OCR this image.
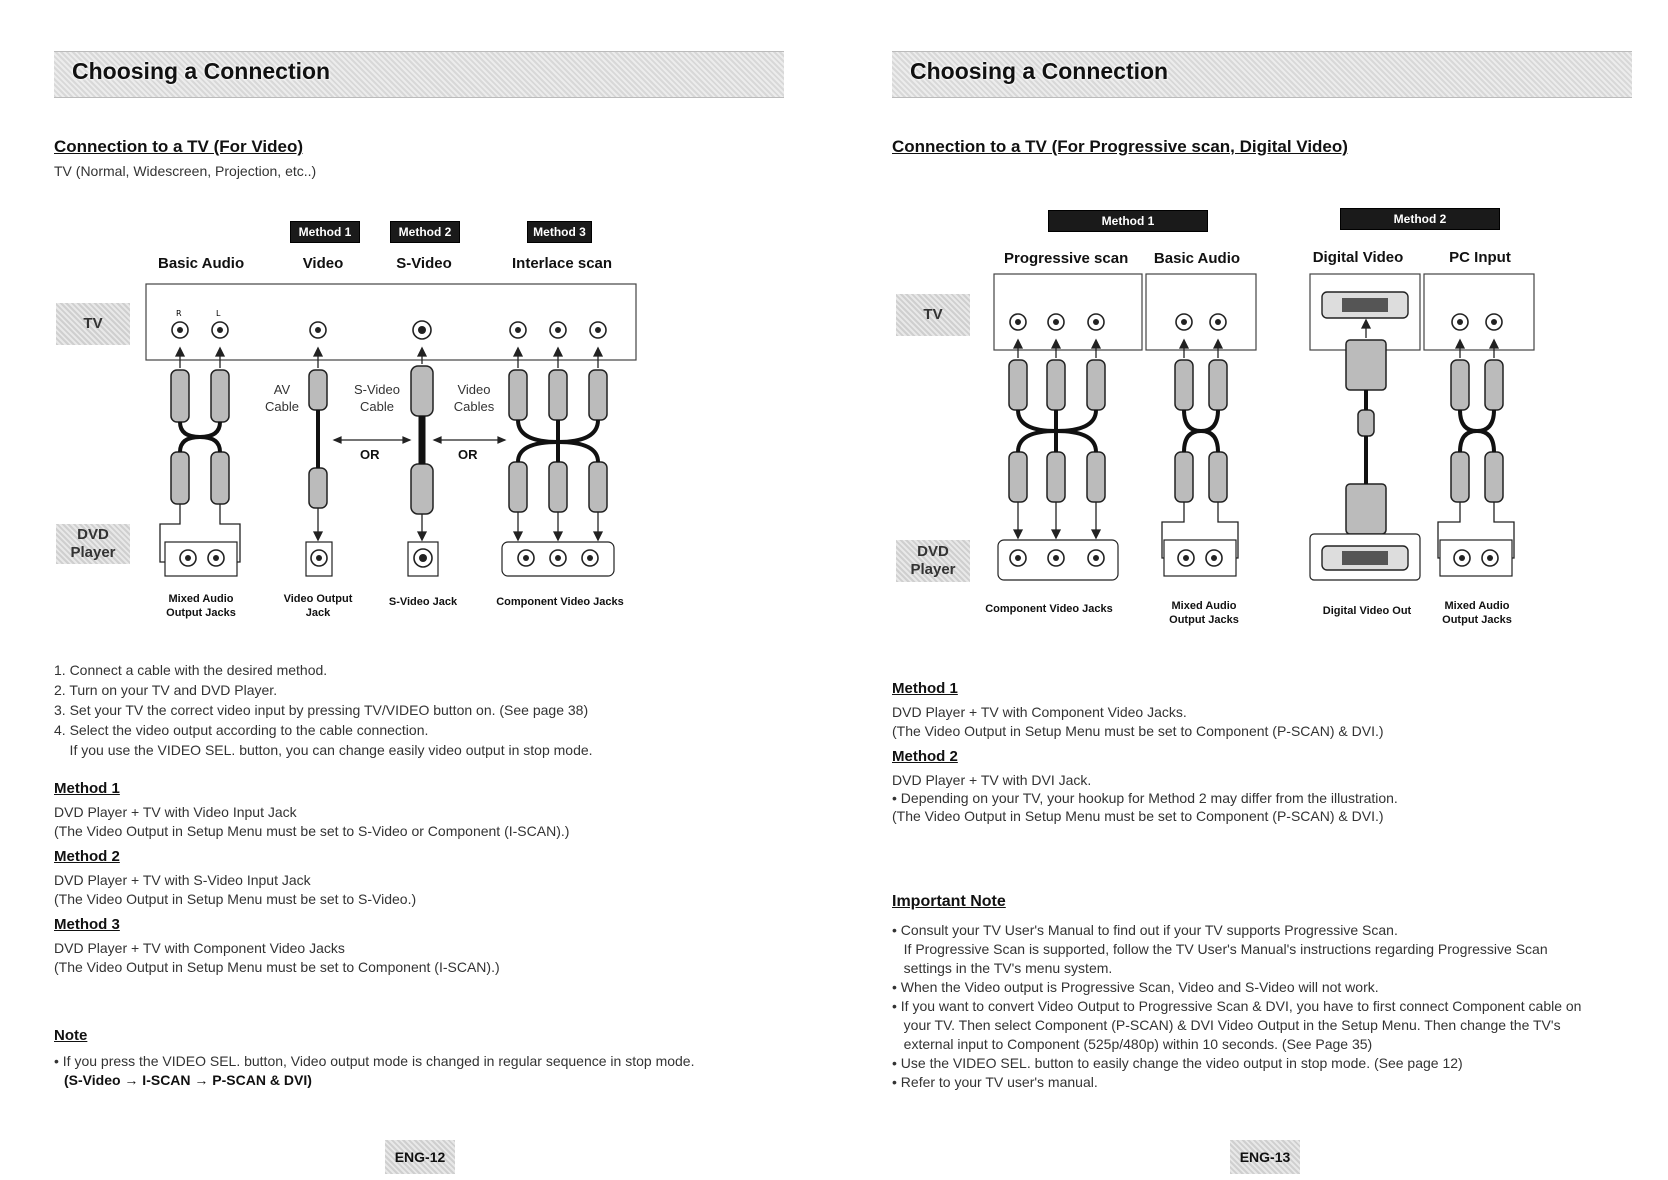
Choosing a Connection
Connection to a TV (For Video)
TV (Normal, Widescreen, Projection, etc..)
Method 1	Method 2	Method 3
Basic Audio	Video	S-Video	Interlace scan
TV
DVD Player
R	L
AV Cable
S-Video Cable
Video Cables
OR	OR
Mixed Audio Output Jacks
Video Output Jack
S-Video Jack	Component Video Jacks
1. Connect a cable with the desired method.
2. Turn on your TV and DVD Player.
3. Set your TV the correct video input by pressing TV/VIDEO button on. (See page 38)
4. Select the video output according to the cable connection.
If you use the VIDEO SEL. button, you can change easily video output in stop mode.
Method 1
DVD Player + TV with Video Input Jack
(The Video Output in Setup Menu must be set to S-Video or Component (I-SCAN).)
Method 2
DVD Player + TV with S-Video Input Jack
(The Video Output in Setup Menu must be set to S-Video.)
Method 3
DVD Player + TV with Component Video Jacks
(The Video Output in Setup Menu must be set to Component (I-SCAN).)
Note
• If you press the VIDEO SEL. button, Video output mode is changed in regular sequence in stop mode.
(S-Video → I-SCAN → P-SCAN & DVI)
ENG-12
Choosing a Connection
Connection to a TV (For Progressive scan, Digital Video)
Method 1	Method 2
Progressive scan Basic Audio	Digital Video	PC Input
TV
DVD Player
Component Video Jacks	Mixed Audio Output Jacks
Digital Video Out	Mixed Audio Output Jacks
Method 1
DVD Player + TV with Component Video Jacks.
(The Video Output in Setup Menu must be set to Component (P-SCAN) & DVI.)
Method 2
DVD Player + TV with DVI Jack.
• Depending on your TV, your hookup for Method 2 may differ from the illustration.
(The Video Output in Setup Menu must be set to Component (P-SCAN) & DVI.)
Important Note
• Consult your TV User's Manual to find out if your TV supports Progressive Scan.
If Progressive Scan is supported, follow the TV User's Manual's instructions regarding Progressive Scan
settings in the TV's menu system.
• When the Video output is Progressive Scan, Video and S-Video will not work.
• If you want to convert Video Output to Progressive Scan & DVI, you have to first connect Component cable on
your TV. Then select Component (P-SCAN) & DVI Video Output in the Setup Menu. Then change the TV's
external input to Component (525p/480p) within 10 seconds. (See Page 35)
• Use the VIDEO SEL. button to easily change the video output in stop mode. (See page 12)
• Refer to your TV user's manual.
ENG-13
